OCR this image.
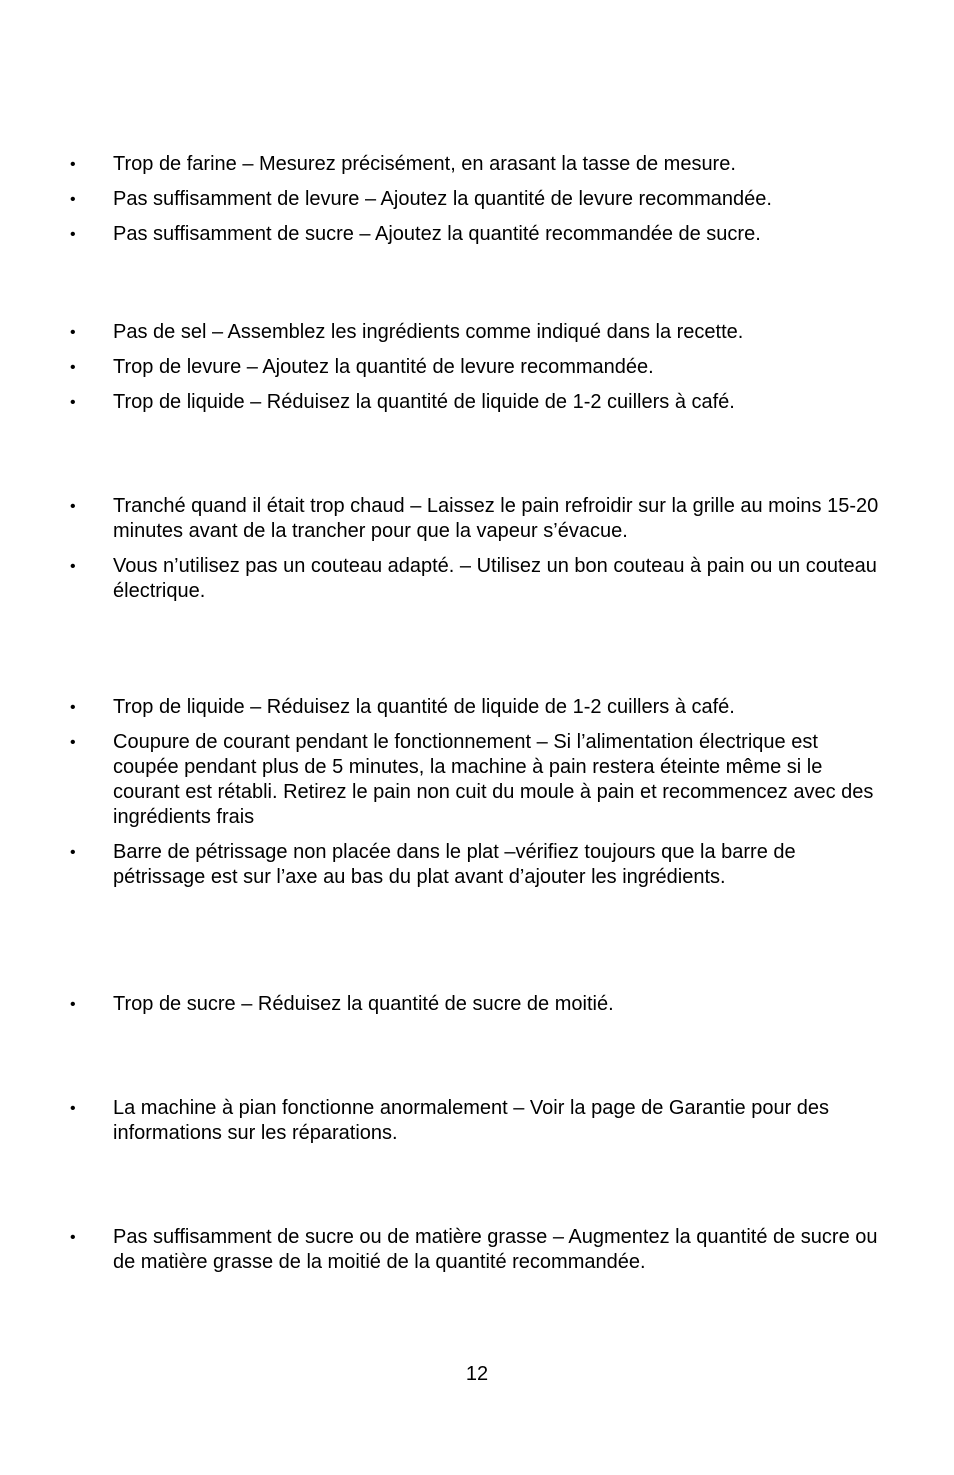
• Trop de farine – Mesurez précisément, en arasant la tasse de mesure.
• Pas suffisamment de levure – Ajoutez la quantité de levure recommandée.
• Pas suffisamment de sucre – Ajoutez la quantité recommandée de sucre.
• Pas de sel – Assemblez les ingrédients comme indiqué dans la recette.
• Trop de levure – Ajoutez la quantité de levure recommandée.
• Trop de liquide – Réduisez la quantité de liquide de 1-2 cuillers à café.
• Tranché quand il était trop chaud – Laissez le pain refroidir sur la grille au moins 15-20 minutes avant de la trancher pour que la vapeur s’évacue.
• Vous n’utilisez pas un couteau adapté. – Utilisez un bon couteau à pain ou un couteau électrique.
• Trop de liquide – Réduisez la quantité de liquide de 1-2 cuillers à café.
• Coupure de courant pendant le fonctionnement – Si l’alimentation électrique est coupée pendant plus de 5 minutes, la machine à pain restera éteinte même si le courant est rétabli. Retirez le pain non cuit du moule à pain et recommencez avec des ingrédients frais
• Barre de pétrissage non placée dans le plat –vérifiez toujours que la barre de pétrissage est sur l’axe au bas du plat avant d’ajouter les ingrédients.
• Trop de sucre – Réduisez la quantité de sucre de moitié.
• La machine à pian fonctionne anormalement – Voir la page de Garantie pour des informations sur les réparations.
• Pas suffisamment de sucre ou de matière grasse – Augmentez la quantité de sucre ou de matière grasse de la moitié de la quantité recommandée.
12
